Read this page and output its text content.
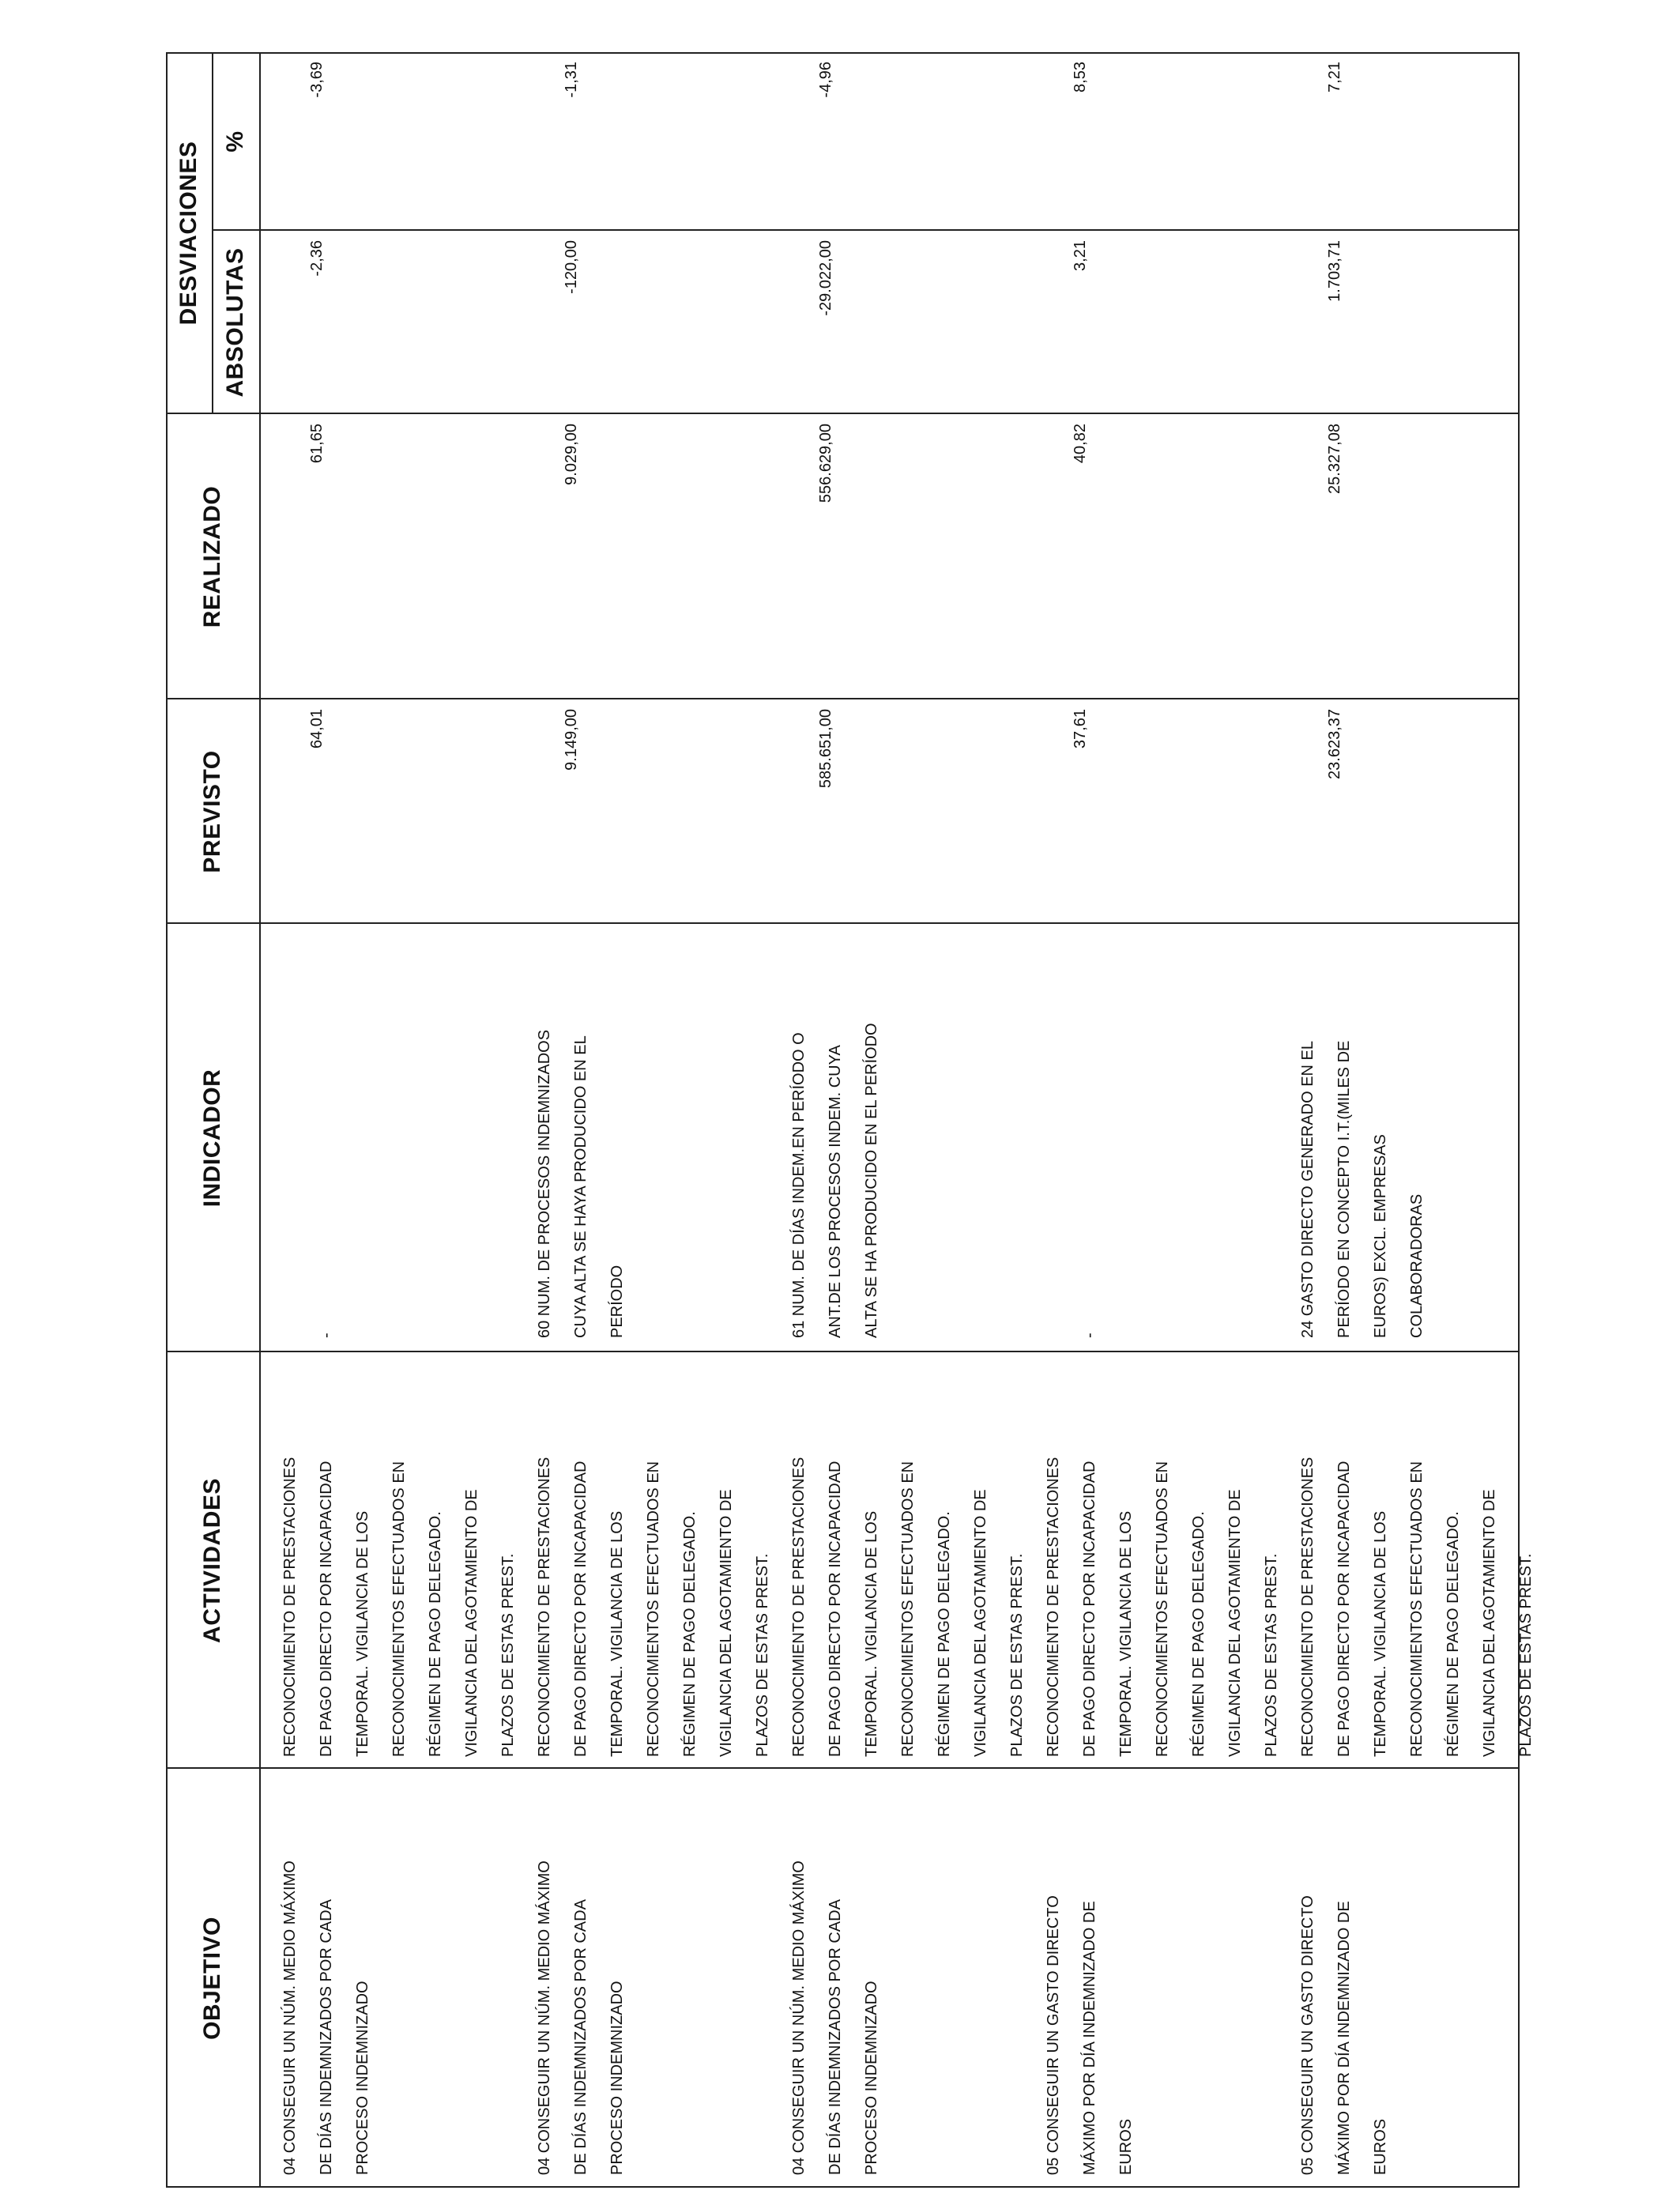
OBJETIVO
ACTIVIDADES
INDICADOR
PREVISTO
REALIZADO
DESVIACIONES ABSOLUTAS
%
04 CONSEGUIR UN NÚM. MEDIO MÁXIMO
DE DÍAS INDEMNIZADOS POR CADA
PROCESO INDEMNIZADO
RECONOCIMIENTO DE PRESTACIONES
DE PAGO DIRECTO POR INCAPACIDAD
TEMPORAL. VIGILANCIA DE LOS
RECONOCIMIENTOS EFECTUADOS EN
RÉGIMEN DE PAGO DELEGADO.
VIGILANCIA DEL AGOTAMIENTO DE
PLAZOS DE ESTAS PREST.
-
64,01
61,65
-2,36
-3,69
04 CONSEGUIR UN NÚM. MEDIO MÁXIMO
DE DÍAS INDEMNIZADOS POR CADA
PROCESO INDEMNIZADO
RECONOCIMIENTO DE PRESTACIONES
DE PAGO DIRECTO POR INCAPACIDAD
TEMPORAL. VIGILANCIA DE LOS
RECONOCIMIENTOS EFECTUADOS EN
RÉGIMEN DE PAGO DELEGADO.
VIGILANCIA DEL AGOTAMIENTO DE
PLAZOS DE ESTAS PREST.
60 NUM. DE PROCESOS INDEMNIZADOS
CUYA ALTA SE HAYA PRODUCIDO EN EL
PERÍODO
9.149,00
9.029,00
-120,00
-1,31
04 CONSEGUIR UN NÚM. MEDIO MÁXIMO
DE DÍAS INDEMNIZADOS POR CADA
PROCESO INDEMNIZADO
RECONOCIMIENTO DE PRESTACIONES
DE PAGO DIRECTO POR INCAPACIDAD
TEMPORAL. VIGILANCIA DE LOS
RECONOCIMIENTOS EFECTUADOS EN
RÉGIMEN DE PAGO DELEGADO.
VIGILANCIA DEL AGOTAMIENTO DE
PLAZOS DE ESTAS PREST.
61 NUM. DE DÍAS INDEM.EN PERÍODO O
ANT.DE LOS PROCESOS INDEM. CUYA
ALTA SE HA PRODUCIDO EN EL PERÍODO
585.651,00
556.629,00
-29.022,00
-4,96
05 CONSEGUIR UN GASTO DIRECTO
MÁXIMO POR DÍA INDEMNIZADO DE
EUROS
RECONOCIMIENTO DE PRESTACIONES
DE PAGO DIRECTO POR INCAPACIDAD
TEMPORAL. VIGILANCIA DE LOS
RECONOCIMIENTOS EFECTUADOS EN
RÉGIMEN DE PAGO DELEGADO.
VIGILANCIA DEL AGOTAMIENTO DE
PLAZOS DE ESTAS PREST.
-
37,61
40,82
3,21
8,53
05 CONSEGUIR UN GASTO DIRECTO
MÁXIMO POR DÍA INDEMNIZADO DE
EUROS
RECONOCIMIENTO DE PRESTACIONES
DE PAGO DIRECTO POR INCAPACIDAD
TEMPORAL. VIGILANCIA DE LOS
RECONOCIMIENTOS EFECTUADOS EN
RÉGIMEN DE PAGO DELEGADO.
VIGILANCIA DEL AGOTAMIENTO DE
PLAZOS DE ESTAS PREST.
24 GASTO DIRECTO GENERADO EN EL
PERÍODO EN CONCEPTO I.T.(MILES DE
EUROS) EXCL. EMPRESAS
COLABORADORAS
23.623,37
25.327,08
1.703,71
7,21
